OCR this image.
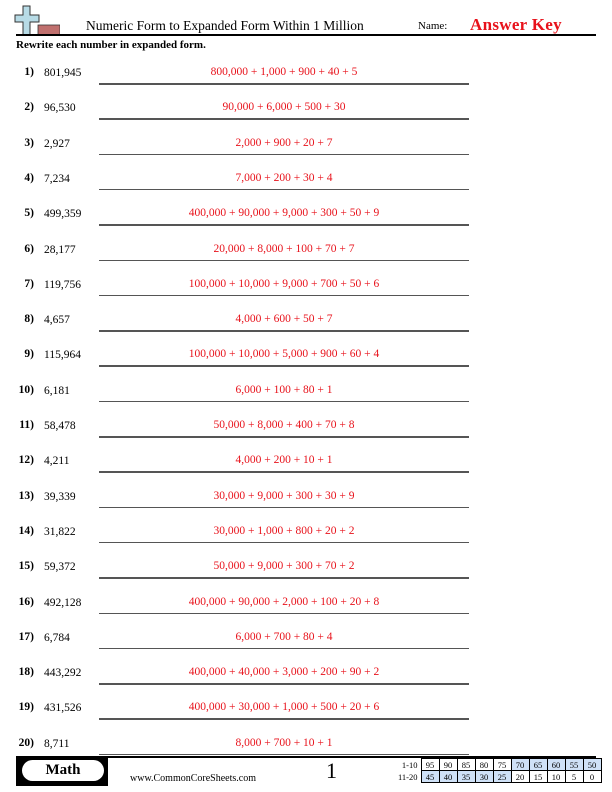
Numeric Form to Expanded Form Within 1 Million	Name: Answer Key
Rewrite each number in expanded form.
1) 801,945	800,000 + 1,000 + 900 + 40 + 5
2) 96,530	90,000 + 6,000 + 500 + 30
3) 2,927	2,000 + 900 + 20 + 7
4) 7,234	7,000 + 200 + 30 + 4
5) 499,359	400,000 + 90,000 + 9,000 + 300 + 50 + 9
6) 28,177	20,000 + 8,000 + 100 + 70 + 7
7) 119,756	100,000 + 10,000 + 9,000 + 700 + 50 + 6
8) 4,657	4,000 + 600 + 50 + 7
9) 115,964	100,000 + 10,000 + 5,000 + 900 + 60 + 4
10) 6,181	6,000 + 100 + 80 + 1
11) 58,478	50,000 + 8,000 + 400 + 70 + 8
12) 4,211	4,000 + 200 + 10 + 1
13) 39,339	30,000 + 9,000 + 300 + 30 + 9
14) 31,822	30,000 + 1,000 + 800 + 20 + 2
15) 59,372	50,000 + 9,000 + 300 + 70 + 2
16) 492,128	400,000 + 90,000 + 2,000 + 100 + 20 + 8
17) 6,784	6,000 + 700 + 80 + 4
18) 443,292	400,000 + 40,000 + 3,000 + 200 + 90 + 2
19) 431,526	400,000 + 30,000 + 1,000 + 500 + 20 + 6
20) 8,711	8,000 + 700 + 10 + 1
Math
www.CommonCoreSheets.com	1	1-10	95	90	85	80	75	70	65	60	55	50
11-20	45	40	35	30	25	20	15	10	5	0
